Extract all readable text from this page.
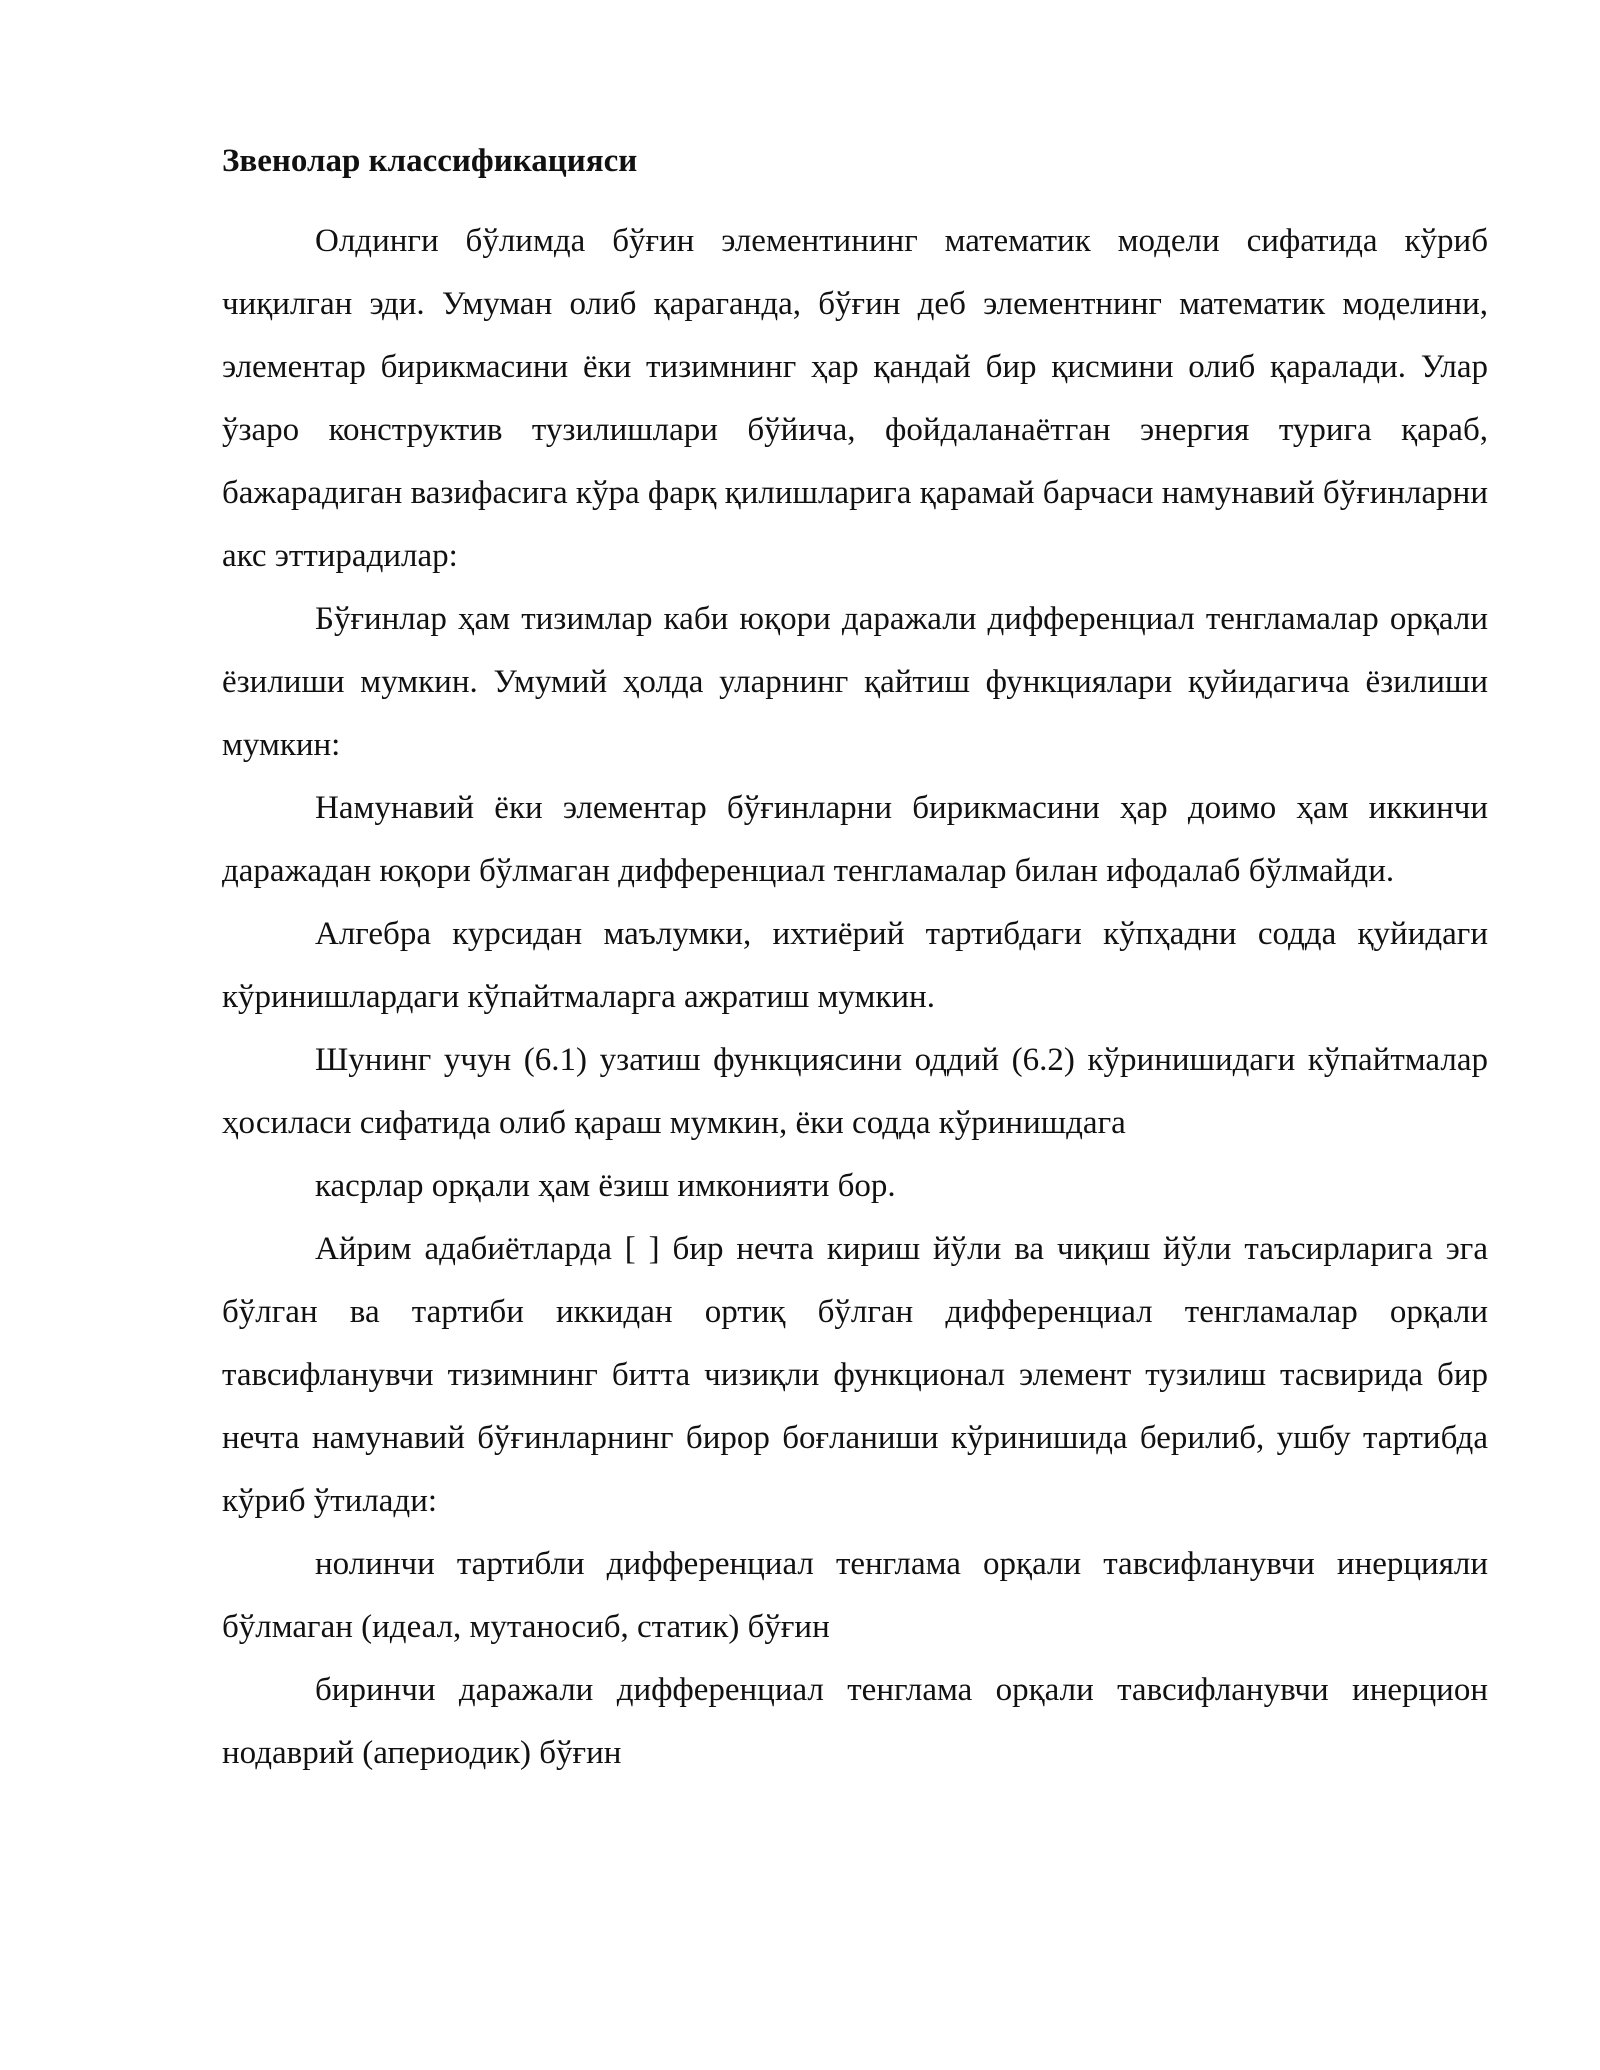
Звенолар классификацияси

Олдинги бўлимда бўғин элементининг математик модели сифатида кўриб чиқилган эди. Умуман олиб қараганда, бўғин деб элементнинг математик моделини, элементар бирикмасини ёки тизимнинг ҳар қандай бир қисмини олиб қаралади. Улар ўзаро конструктив тузилишлари бўйича, фойдаланаётган энергия турига қараб, бажарадиган вазифасига кўра фарқ қилишларига қарамай барчаси намунавий бўғинларни акс эттирадилар:

Бўғинлар ҳам тизимлар каби юқори даражали дифференциал тенгламалар орқали ёзилиши мумкин. Умумий ҳолда уларнинг қайтиш функциялари қуйидагича ёзилиши мумкин:

Намунавий ёки элементар бўғинларни бирикмасини ҳар доимо ҳам иккинчи даражадан юқори бўлмаган дифференциал тенгламалар билан ифодалаб бўлмайди.

Алгебра курсидан маълумки, ихтиёрий тартибдаги кўпҳадни содда қуйидаги кўринишлардаги кўпайтмаларга ажратиш мумкин.

Шунинг учун (6.1) узатиш функциясини оддий (6.2) кўринишидаги кўпайтмалар ҳосиласи сифатида олиб қараш мумкин, ёки содда кўринишдага

касрлар орқали ҳам ёзиш имконияти бор.

Айрим адабиётларда [ ] бир нечта кириш йўли ва чиқиш йўли таъсирларига эга бўлган ва тартиби иккидан ортиқ бўлган дифференциал тенгламалар орқали тавсифланувчи тизимнинг битта чизиқли функционал элемент тузилиш тасвирида бир нечта намунавий бўғинларнинг бирор боғланиши кўринишида берилиб, ушбу тартибда кўриб ўтилади:

нолинчи тартибли дифференциал тенглама орқали тавсифланувчи инерцияли бўлмаган (идеал, мутаносиб, статик) бўғин

биринчи даражали дифференциал тенглама орқали тавсифланувчи инерцион нодаврий (апериодик) бўғин
